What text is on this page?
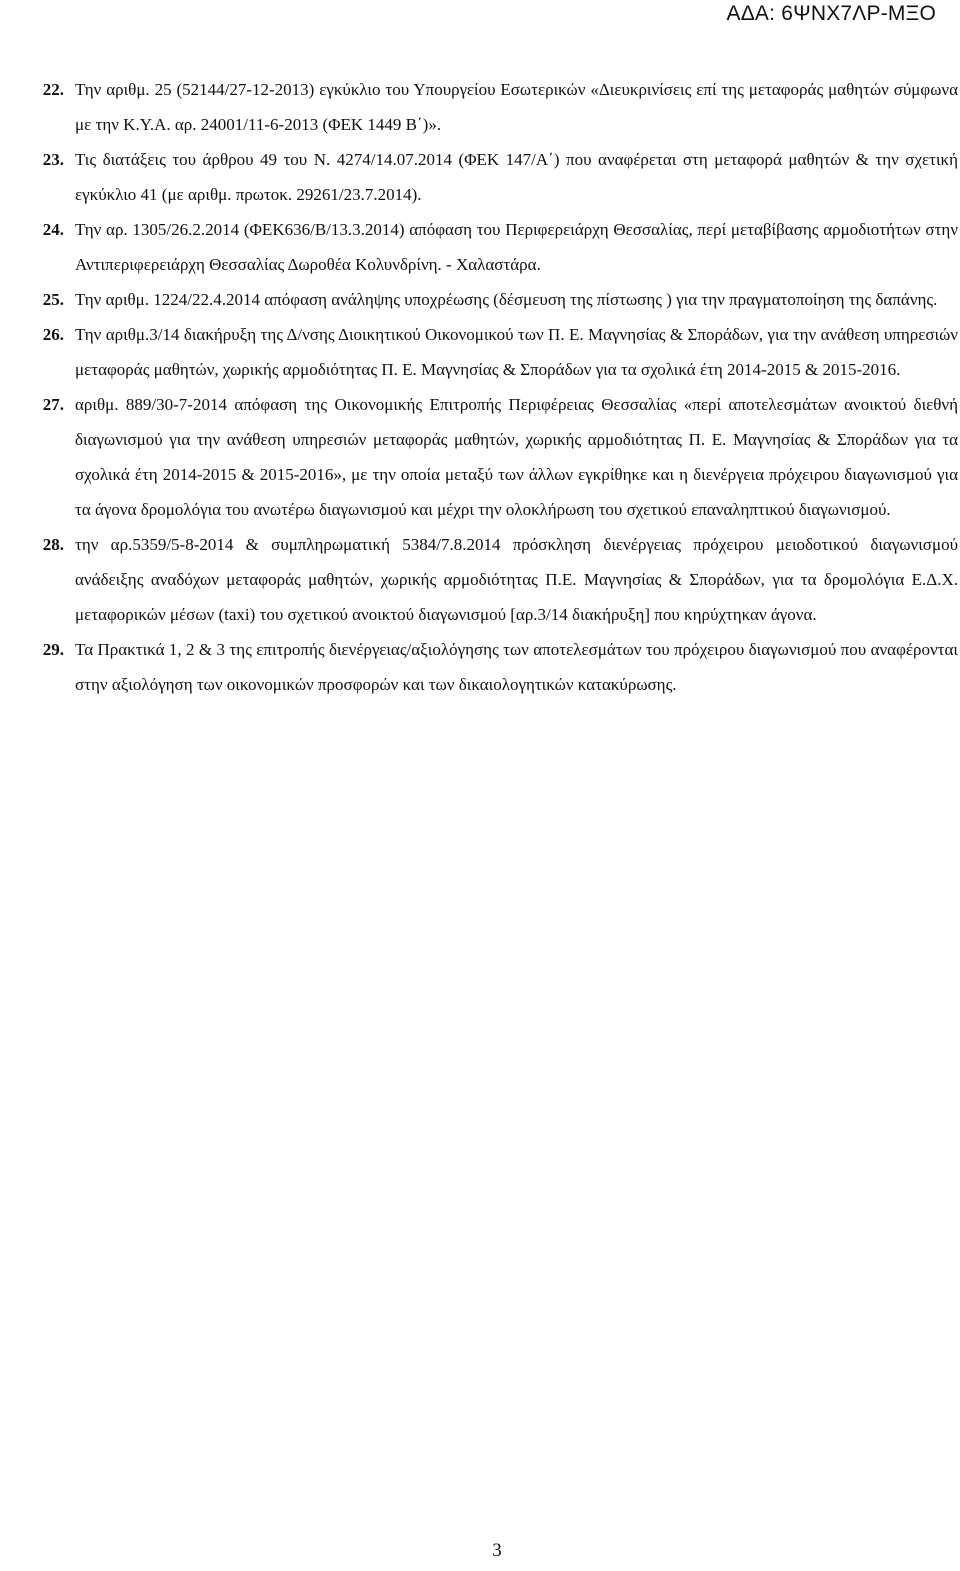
ΑΔΑ: 6ΨΝΧ7ΛΡ-ΜΞΟ
22. Την αριθμ. 25 (52144/27-12-2013) εγκύκλιο του Υπουργείου Εσωτερικών «Διευκρινίσεις επί της μεταφοράς μαθητών σύμφωνα με την Κ.Υ.Α. αρ. 24001/11-6-2013 (ΦΕΚ 1449 Β΄)».
23. Τις διατάξεις του άρθρου 49 του Ν. 4274/14.07.2014 (ΦΕΚ 147/Α΄) που αναφέρεται στη μεταφορά μαθητών & την σχετική εγκύκλιο 41 (με αριθμ. πρωτοκ. 29261/23.7.2014).
24. Την αρ. 1305/26.2.2014 (ΦΕΚ636/Β/13.3.2014) απόφαση του Περιφερειάρχη Θεσσαλίας, περί μεταβίβασης αρμοδιοτήτων στην Αντιπεριφερειάρχη Θεσσαλίας Δωροθέα Κολυνδρίνη. - Χαλαστάρα.
25. Την αριθμ. 1224/22.4.2014 απόφαση ανάληψης υποχρέωσης (δέσμευση της πίστωσης ) για την πραγματοποίηση της δαπάνης.
26. Την αριθμ.3/14 διακήρυξη της Δ/νσης Διοικητικού Οικονομικού των Π. Ε. Μαγνησίας & Σποράδων, για την ανάθεση υπηρεσιών μεταφοράς μαθητών, χωρικής αρμοδιότητας Π. Ε. Μαγνησίας & Σποράδων για τα σχολικά έτη 2014-2015 & 2015-2016.
27. αριθμ. 889/30-7-2014 απόφαση της Οικονομικής Επιτροπής Περιφέρειας Θεσσαλίας «περί αποτελεσμάτων ανοικτού διεθνή διαγωνισμού για την ανάθεση υπηρεσιών μεταφοράς μαθητών, χωρικής αρμοδιότητας Π. Ε. Μαγνησίας & Σποράδων για τα σχολικά έτη 2014-2015 & 2015-2016», με την οποία μεταξύ των άλλων εγκρίθηκε και η διενέργεια πρόχειρου διαγωνισμού για τα άγονα δρομολόγια του ανωτέρω διαγωνισμού και μέχρι την ολοκλήρωση του σχετικού επαναληπτικού διαγωνισμού.
28. την αρ.5359/5-8-2014 & συμπληρωματική 5384/7.8.2014 πρόσκληση διενέργειας πρόχειρου μειοδοτικού διαγωνισμού ανάδειξης αναδόχων μεταφοράς μαθητών, χωρικής αρμοδιότητας Π.Ε. Μαγνησίας & Σποράδων, για τα δρομολόγια Ε.Δ.Χ. μεταφορικών μέσων (taxi) του σχετικού ανοικτού διαγωνισμού [αρ.3/14 διακήρυξη] που κηρύχτηκαν άγονα.
29. Τα Πρακτικά 1, 2 & 3 της επιτροπής διενέργειας/αξιολόγησης των αποτελεσμάτων του πρόχειρου διαγωνισμού που αναφέρονται στην αξιολόγηση των οικονομικών προσφορών και των δικαιολογητικών κατακύρωσης.
3
